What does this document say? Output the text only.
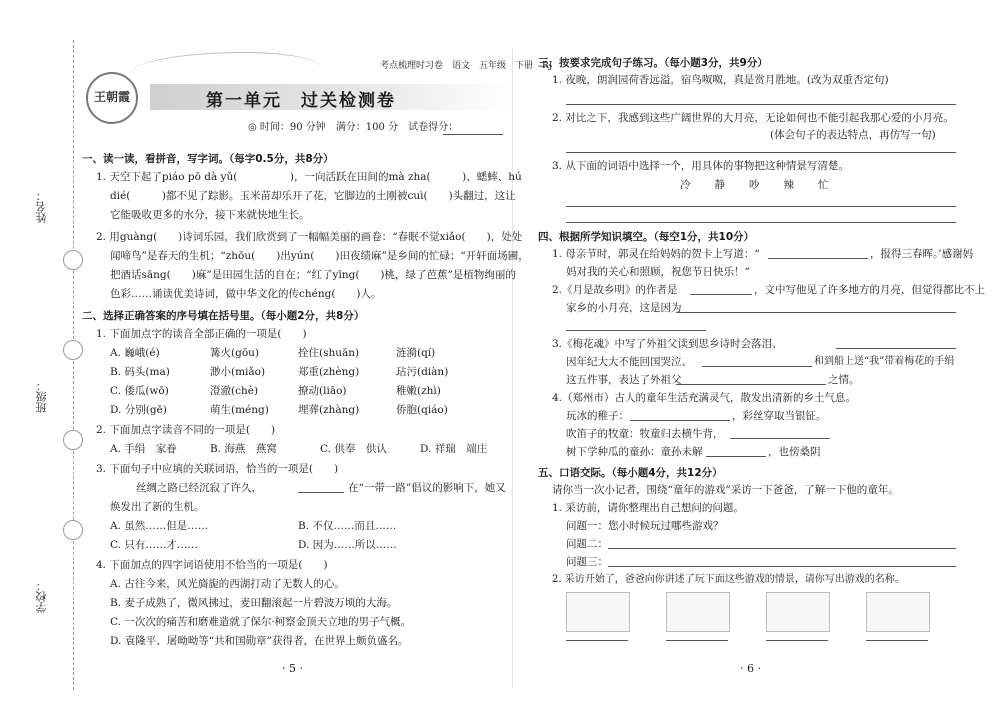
姓名：
班级：
学校：
考点梳理时习卷　语文　五年级　下册　RJ
王朝霞	第一单元　过关检测卷
◎ 时间：90 分钟　满分：100 分　试卷得分：
一、读一读，看拼音，写字词。（每字0.5分，共8分）
1. 天空下起了piáo pō dà yǔ(　　　　　)，一向活跃在田间的mà zha(　　　)、蟋蟀、hú
dié(　　　)都不见了踪影。玉米苗却乐开了花，它脚边的土刚被cuì(　　)头翻过，这让
它能吸收更多的水分，接下来就快地生长。
2. 用guàng(　　)诗词乐园，我们欣赏到了一幅幅美丽的画卷：“春眠不觉xiǎo(　　)，处处
闻啼鸟”是春天的生机；“zhōu(　　)出yún(　　)田夜绩麻”是乡间的忙碌；“开轩面场圃，
把酒话sāng(　　)麻”是田园生活的自在；“红了yīng(　　)桃，绿了芭蕉”是植物绚丽的
色彩……诵读优美诗词，做中华文化的传chéng(　　)人。
二、选择正确答案的序号填在括号里。（每小题2分，共8分）
1. 下面加点字的读音全部正确的一项是(　　)
A. 巍峨(é)	篝火(gōu)	拴住(shuān)	涟漪(qí)
B. 码头(ma)	渺小(miǎo)	郑重(zhèng)	玷污(diàn)
C. 倭瓜(wō)	澄澈(chè)	撩动(liāo)	稚嫩(zhì)
D. 分别(gē)	萌生(méng)	埋葬(zhàng)	侨胞(qiáo)
2. 下面加点字读音不同的一项是(　　)
A. 手绢　家眷	B. 海燕　燕窝	C. 供奉　供认	D. 祥瑞　端庄
3. 下面句子中应填的关联词语，恰当的一项是(　　)
丝绸之路已经沉寂了许久，	在“一带一路”倡议的影响下，她又
焕发出了新的生机。
A. 虽然……但是……	B. 不仅……而且……
C. 只有……才……	D. 因为……所以……
4. 下面加点的四字词语使用不恰当的一项是(　　)
A. 古往今来，风光旖旎的西湖打动了无数人的心。
B. 麦子成熟了，微风拂过，麦田翻滚起一片碧波万顷的大海。
C. 一次次的痛苦和磨难造就了保尔·柯察金顶天立地的男子气概。
D. 袁隆平、屠呦呦等“共和国勋章”获得者，在世界上颇负盛名。
· 5 ·
三、按要求完成句子练习。（每小题3分，共9分）
1. 夜晚，朗润园荷香远溢，宿鸟呶呶，真是赏月胜地。(改为双重否定句)
2. 对比之下，我感到这些广阔世界的大月亮，无论如何也不能引起我那心爱的小月亮。
(体会句子的表达特点，再仿写一句)
3. 从下面的词语中选择一个，用具体的事物把这种情景写清楚。
冷　　静　　吵　　辣　　忙
四、根据所学知识填空。（每空1分，共10分）
1. 母亲节时，郭灵在给妈妈的贺卡上写道：“	，报得三春晖。’感谢妈
妈对我的关心和照顾，祝您节日快乐！”
2.《月是故乡明》的作者是	，文中写他见了许多地方的月亮，但觉得都比不上
家乡的小月亮，这是因为
3.《梅花魂》中写了外祖父读到思乡诗时会落泪、
因年纪大大不能回国哭泣、	和到船上送“我”带着梅花的手绢
这五件事，表达了外祖父	之情。
4.（郑州市）古人的童年生活充满灵气，散发出清新的乡土气息。
玩冰的稚子：	，彩丝穿取当银钲。
吹笛子的牧童：牧童归去横牛背，
树下学种瓜的童孙：童孙未解	，也傍桑阴
五、口语交际。（每小题4分，共12分）
请你当一次小记者，围绕“童年的游戏”采访一下爸爸，了解一下他的童年。
1. 采访前，请你整理出自己想问的问题。
问题一：您小时候玩过哪些游戏？
问题二：
问题三：
2. 采访开始了，爸爸向你讲述了玩下面这些游戏的情景，请你写出游戏的名称。
· 6 ·
